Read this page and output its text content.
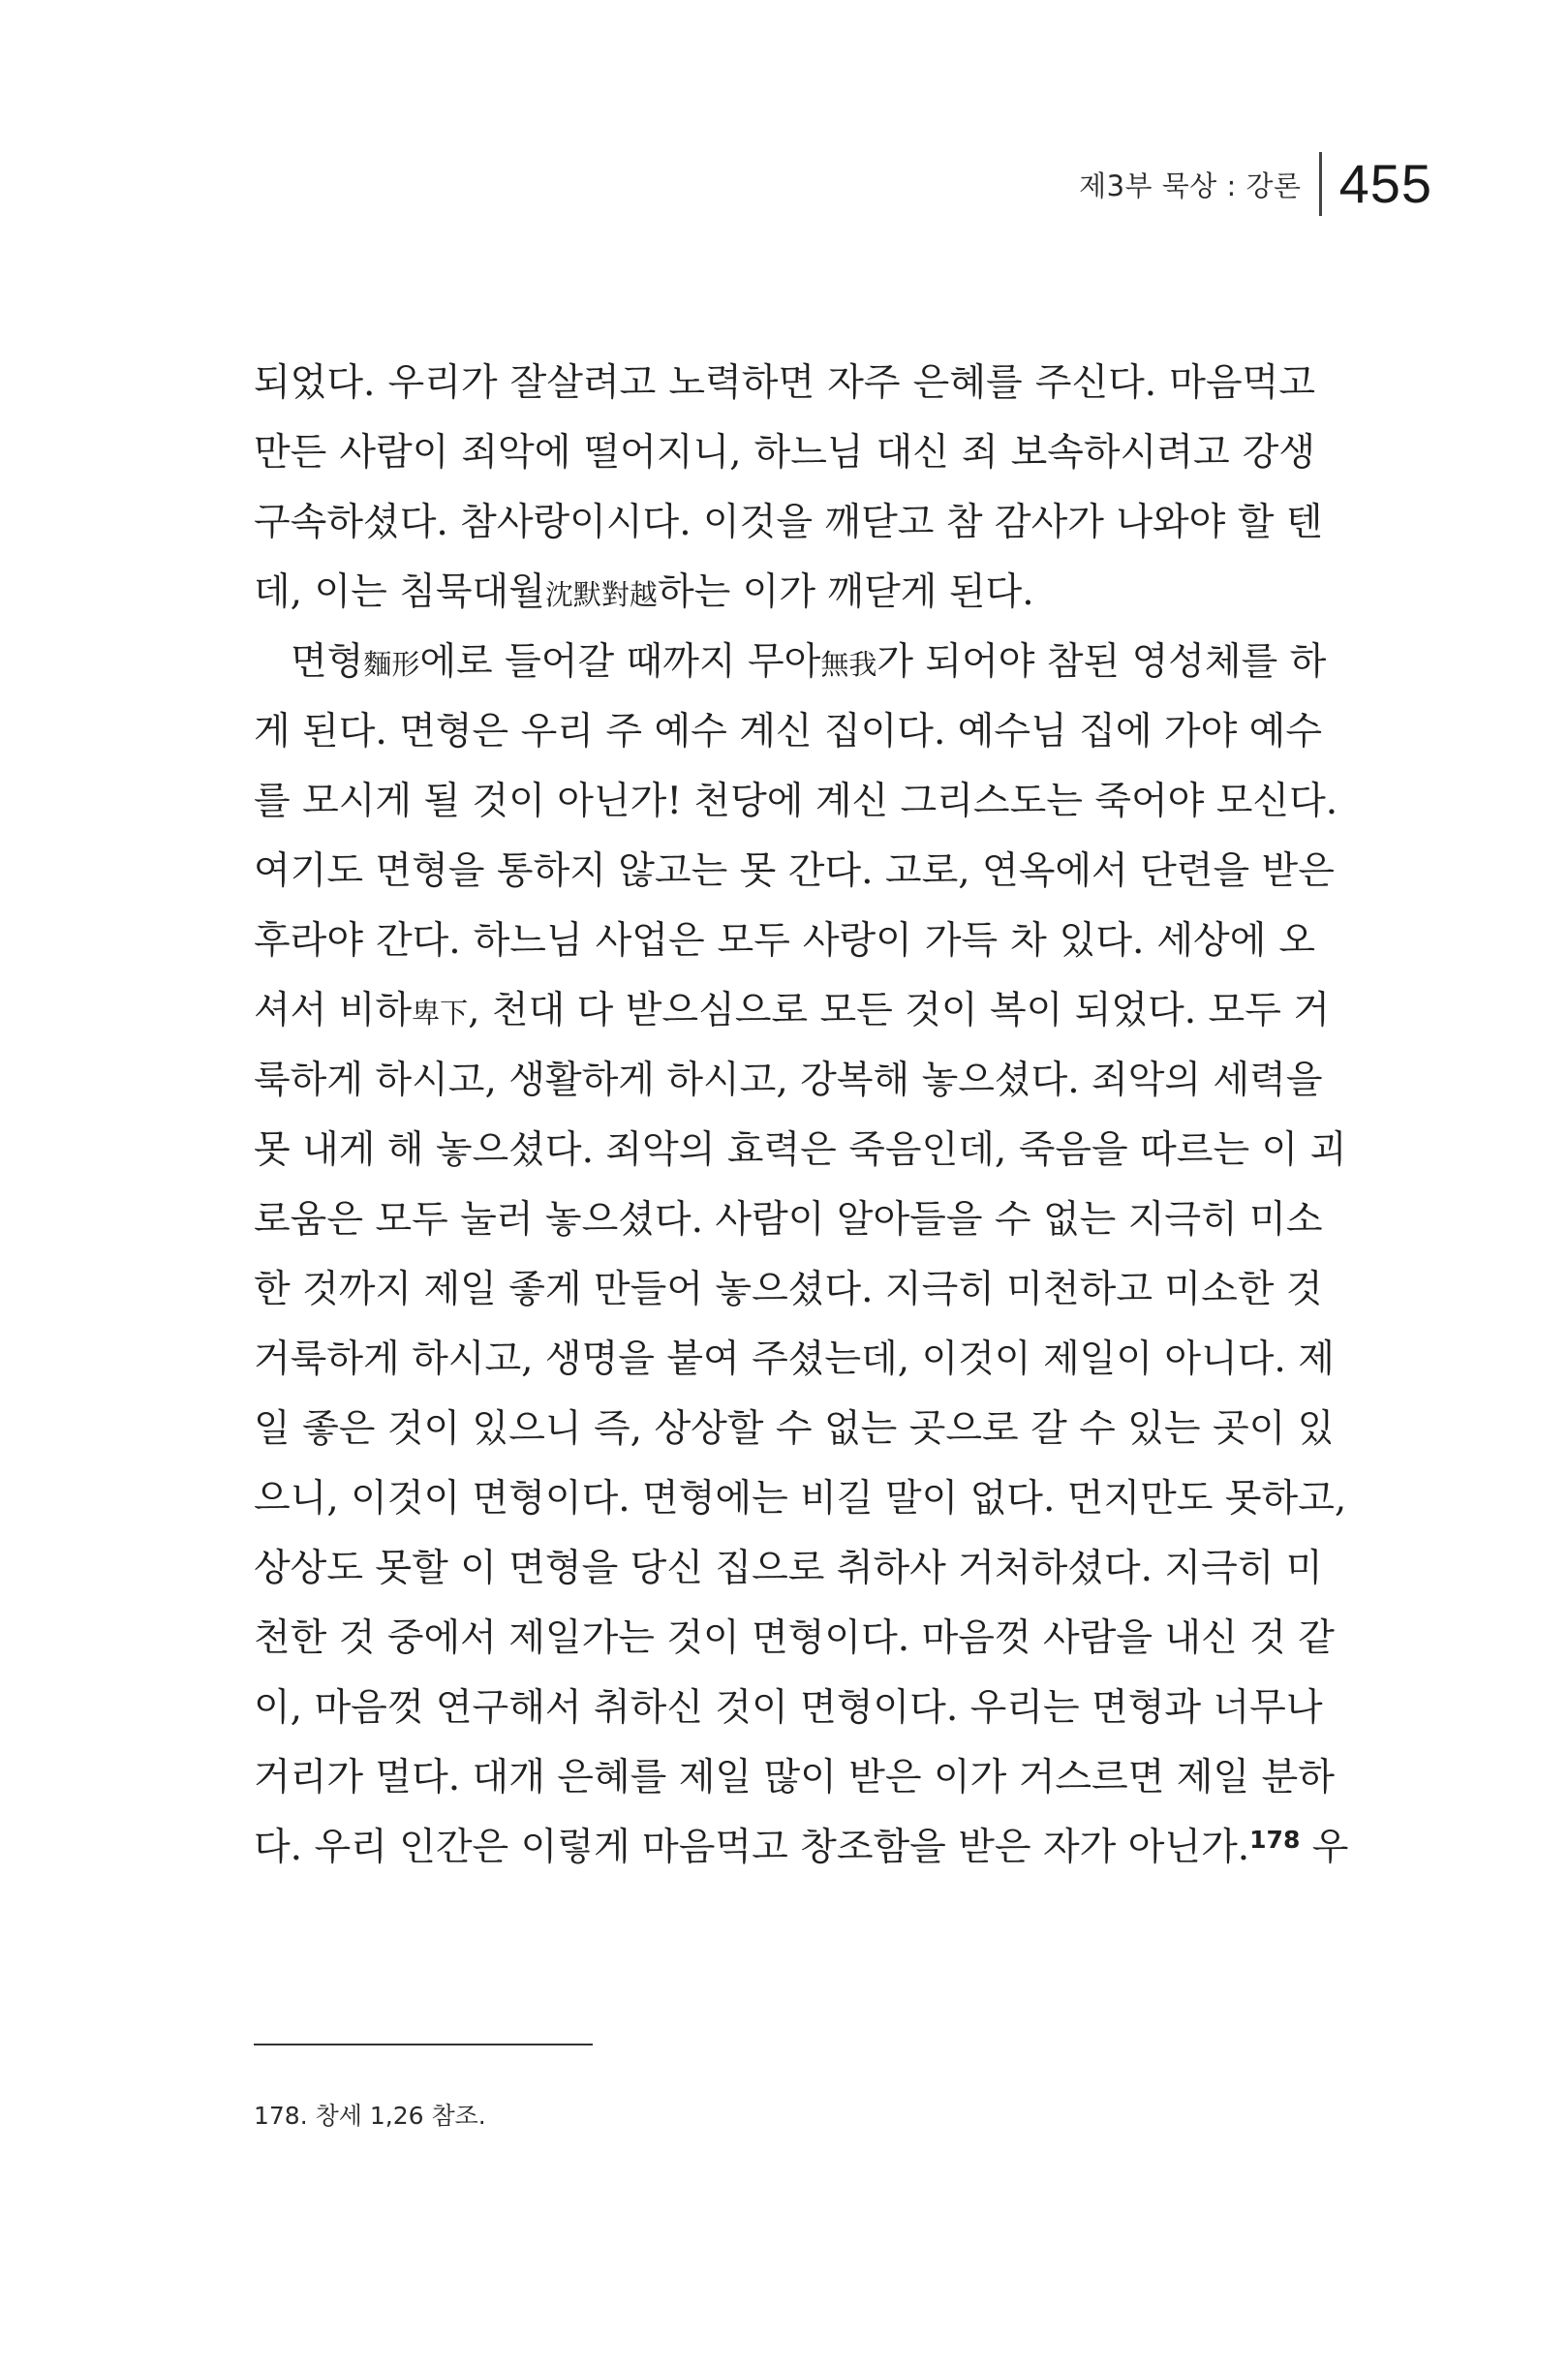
제3부 묵상 : 강론 455
되었다. 우리가 잘살려고 노력하면 자주 은혜를 주신다. 마음먹고
만든 사람이 죄악에 떨어지니, 하느님 대신 죄 보속하시려고 강생
구속하셨다. 참사랑이시다. 이것을 깨닫고 참 감사가 나와야 할 텐
데, 이는 침묵대월沈默對越하는 이가 깨닫게 된다.
면형麵形에로 들어갈 때까지 무아無我가 되어야 참된 영성체를 하
게 된다. 면형은 우리 주 예수 계신 집이다. 예수님 집에 가야 예수
를 모시게 될 것이 아닌가! 천당에 계신 그리스도는 죽어야 모신다.
여기도 면형을 통하지 않고는 못 간다. 고로, 연옥에서 단련을 받은
후라야 간다. 하느님 사업은 모두 사랑이 가득 차 있다. 세상에 오
셔서 비하卑下, 천대 다 받으심으로 모든 것이 복이 되었다. 모두 거
룩하게 하시고, 생활하게 하시고, 강복해 놓으셨다. 죄악의 세력을
못 내게 해 놓으셨다. 죄악의 효력은 죽음인데, 죽음을 따르는 이 괴
로움은 모두 눌러 놓으셨다. 사람이 알아들을 수 없는 지극히 미소
한 것까지 제일 좋게 만들어 놓으셨다. 지극히 미천하고 미소한 것
거룩하게 하시고, 생명을 붙여 주셨는데, 이것이 제일이 아니다. 제
일 좋은 것이 있으니 즉, 상상할 수 없는 곳으로 갈 수 있는 곳이 있
으니, 이것이 면형이다. 면형에는 비길 말이 없다. 먼지만도 못하고,
상상도 못할 이 면형을 당신 집으로 취하사 거처하셨다. 지극히 미
천한 것 중에서 제일가는 것이 면형이다. 마음껏 사람을 내신 것 같
이, 마음껏 연구해서 취하신 것이 면형이다. 우리는 면형과 너무나
거리가 멀다. 대개 은혜를 제일 많이 받은 이가 거스르면 제일 분하
다. 우리 인간은 이렇게 마음먹고 창조함을 받은 자가 아닌가.$^{178}$ 우

178. 창세 1,26 참조.
